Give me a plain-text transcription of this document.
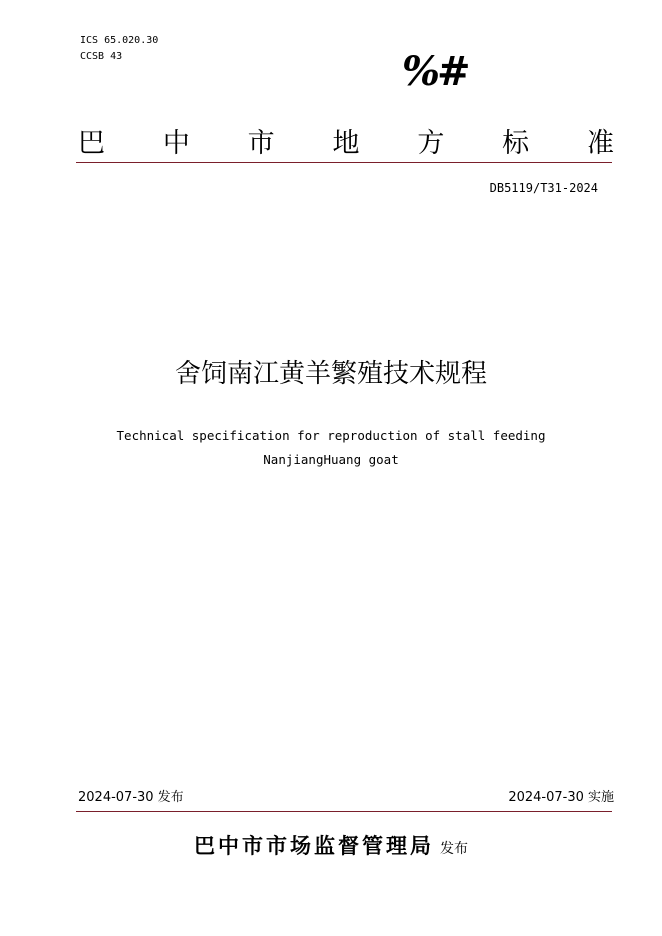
ICS 65.020.30
CCSB 43	%#
巴 中 市 地 方 标 准
DB5119/T31-2024
舍饲南江黄羊繁殖技术规程
Technical specification for reproduction of stall feeding
NanjiangHuang goat
2024-07-30 发布	2024-07-30 实施
巴中市市场监督管理局 发布
